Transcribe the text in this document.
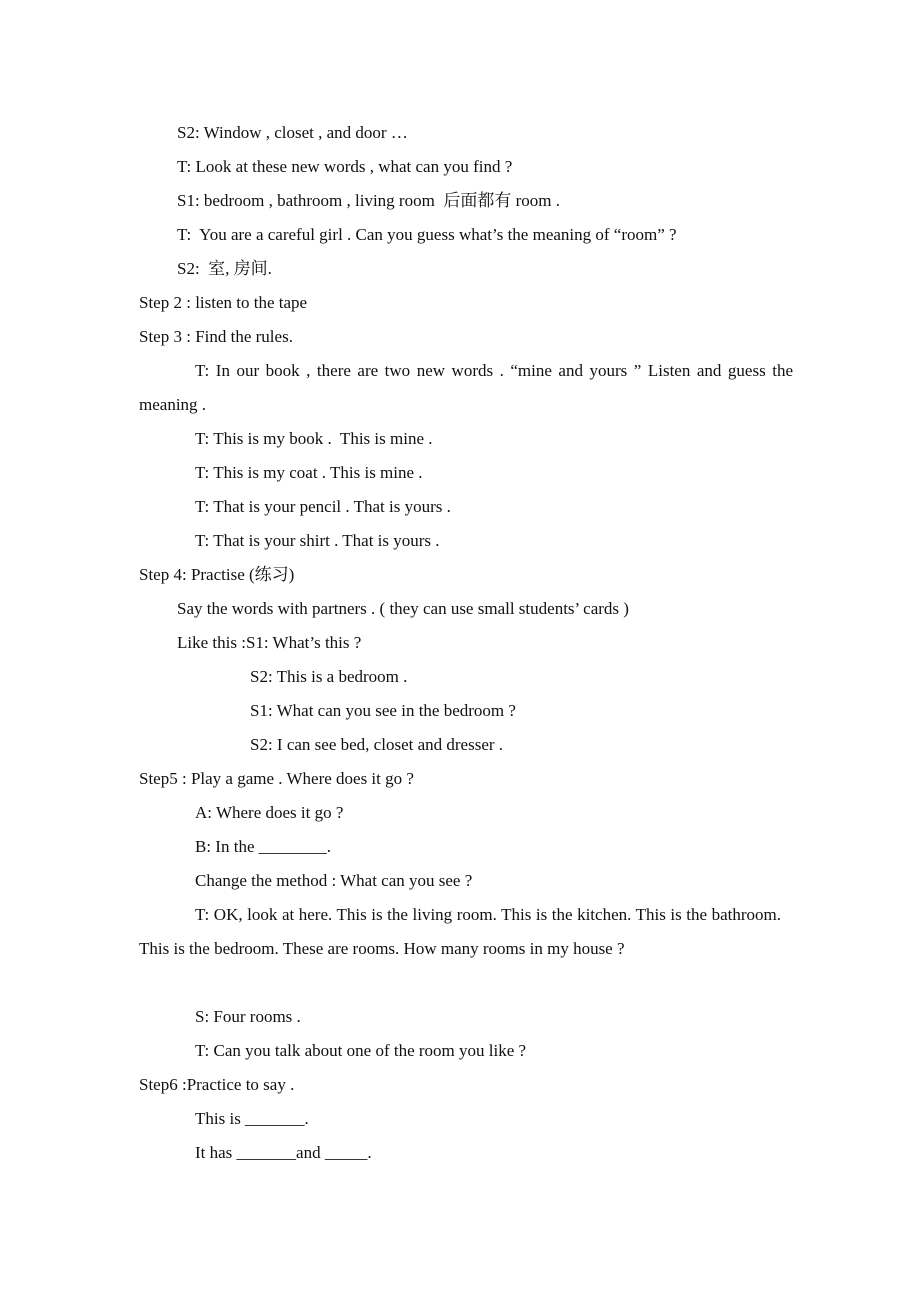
S2: Window , closet , and door …

T: Look at these new words , what can you find ?

S1: bedroom , bathroom , living room  后面都有 room .

T:  You are a careful girl . Can you guess what’s the meaning of “room” ?

S2:  室, 房间.

Step 2 : listen to the tape

Step 3 : Find the rules.

T: In our book , there are two new words . “mine and yours ” Listen and guess the meaning .

T: This is my book .  This is mine .

T: This is my coat . This is mine .

T: That is your pencil . That is yours .

T: That is your shirt . That is yours .

Step 4: Practise (练习)

Say the words with partners . ( they can use small students’ cards )

Like this :S1: What’s this ?

S2: This is a bedroom .

S1: What can you see in the bedroom ?

S2: I can see bed, closet and dresser .

Step5 : Play a game . Where does it go ?

A: Where does it go ?

B: In the ________.

Change the method : What can you see ?

T: OK, look at here. This is the living room. This is the kitchen. This is the bathroom. This is the bedroom. These are rooms. How many rooms in my house ?

S: Four rooms .

T: Can you talk about one of the room you like ?

Step6 :Practice to say .

This is _______.

It has _______and _____.
